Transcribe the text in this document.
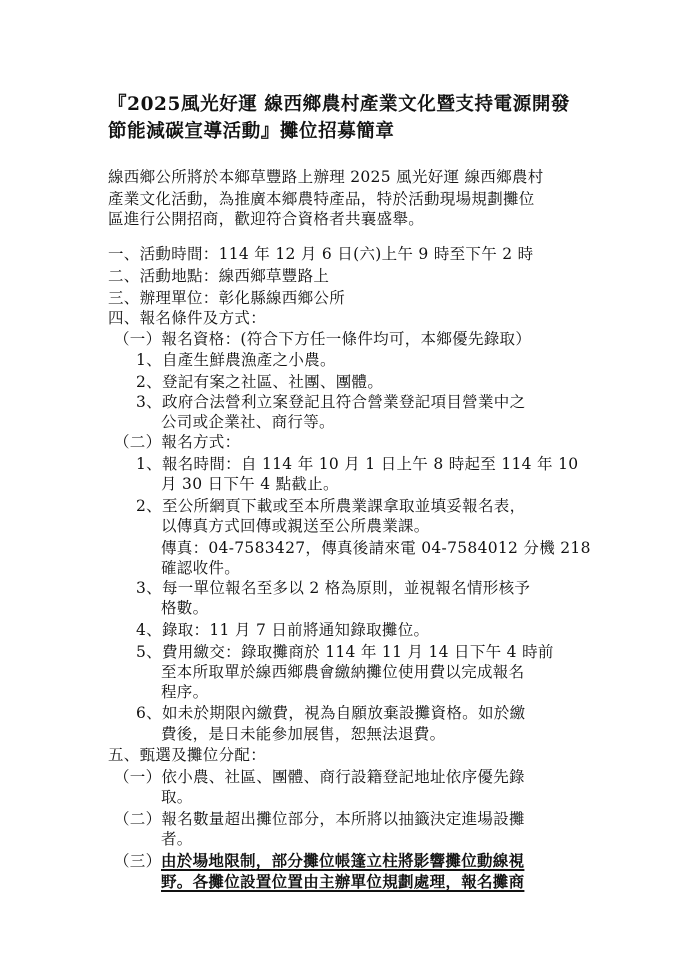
『2025風光好運 線西鄉農村產業文化暨支持電源開發
節能減碳宣導活動』攤位招募簡章
線西鄉公所將於本鄉草豐路上辦理 2025 風光好運 線西鄉農村
產業文化活動，為推廣本鄉農特產品，特於活動現場規劃攤位
區進行公開招商，歡迎符合資格者共襄盛舉。
一、活動時間：114 年 12 月 6 日(六)上午 9 時至下午 2 時
二、活動地點：線西鄉草豐路上
三、辦理單位：彰化縣線西鄉公所
四、報名條件及方式：
（一）報名資格：(符合下方任一條件均可，本鄉優先錄取）
1、自產生鮮農漁產之小農。
2、登記有案之社區、社團、團體。
3、政府合法營利立案登記且符合營業登記項目營業中之
公司或企業社、商行等。
（二）報名方式：
1、報名時間：自 114 年 10 月 1 日上午 8 時起至 114 年 10
月 30 日下午 4 點截止。
2、至公所網頁下載或至本所農業課拿取並填妥報名表，
以傳真方式回傳或親送至公所農業課。
傳真：04-7583427，傳真後請來電 04-7584012 分機 218
確認收件。
3、每一單位報名至多以 2 格為原則，並視報名情形核予
格數。
4、錄取：11 月 7 日前將通知錄取攤位。
5、費用繳交：錄取攤商於 114 年 11 月 14 日下午 4 時前
至本所取單於線西鄉農會繳納攤位使用費以完成報名
程序。
6、如未於期限內繳費，視為自願放棄設攤資格。如於繳
費後，是日未能參加展售，恕無法退費。
五、甄選及攤位分配：
（一）依小農、社區、團體、商行設籍登記地址依序優先錄
取。
（二）報名數量超出攤位部分，本所將以抽籤決定進場設攤
者。
（三） 由於場地限制，部分攤位帳篷立柱將影響攤位動線視
野。各攤位設置位置由主辦單位規劃處理，報名攤商
